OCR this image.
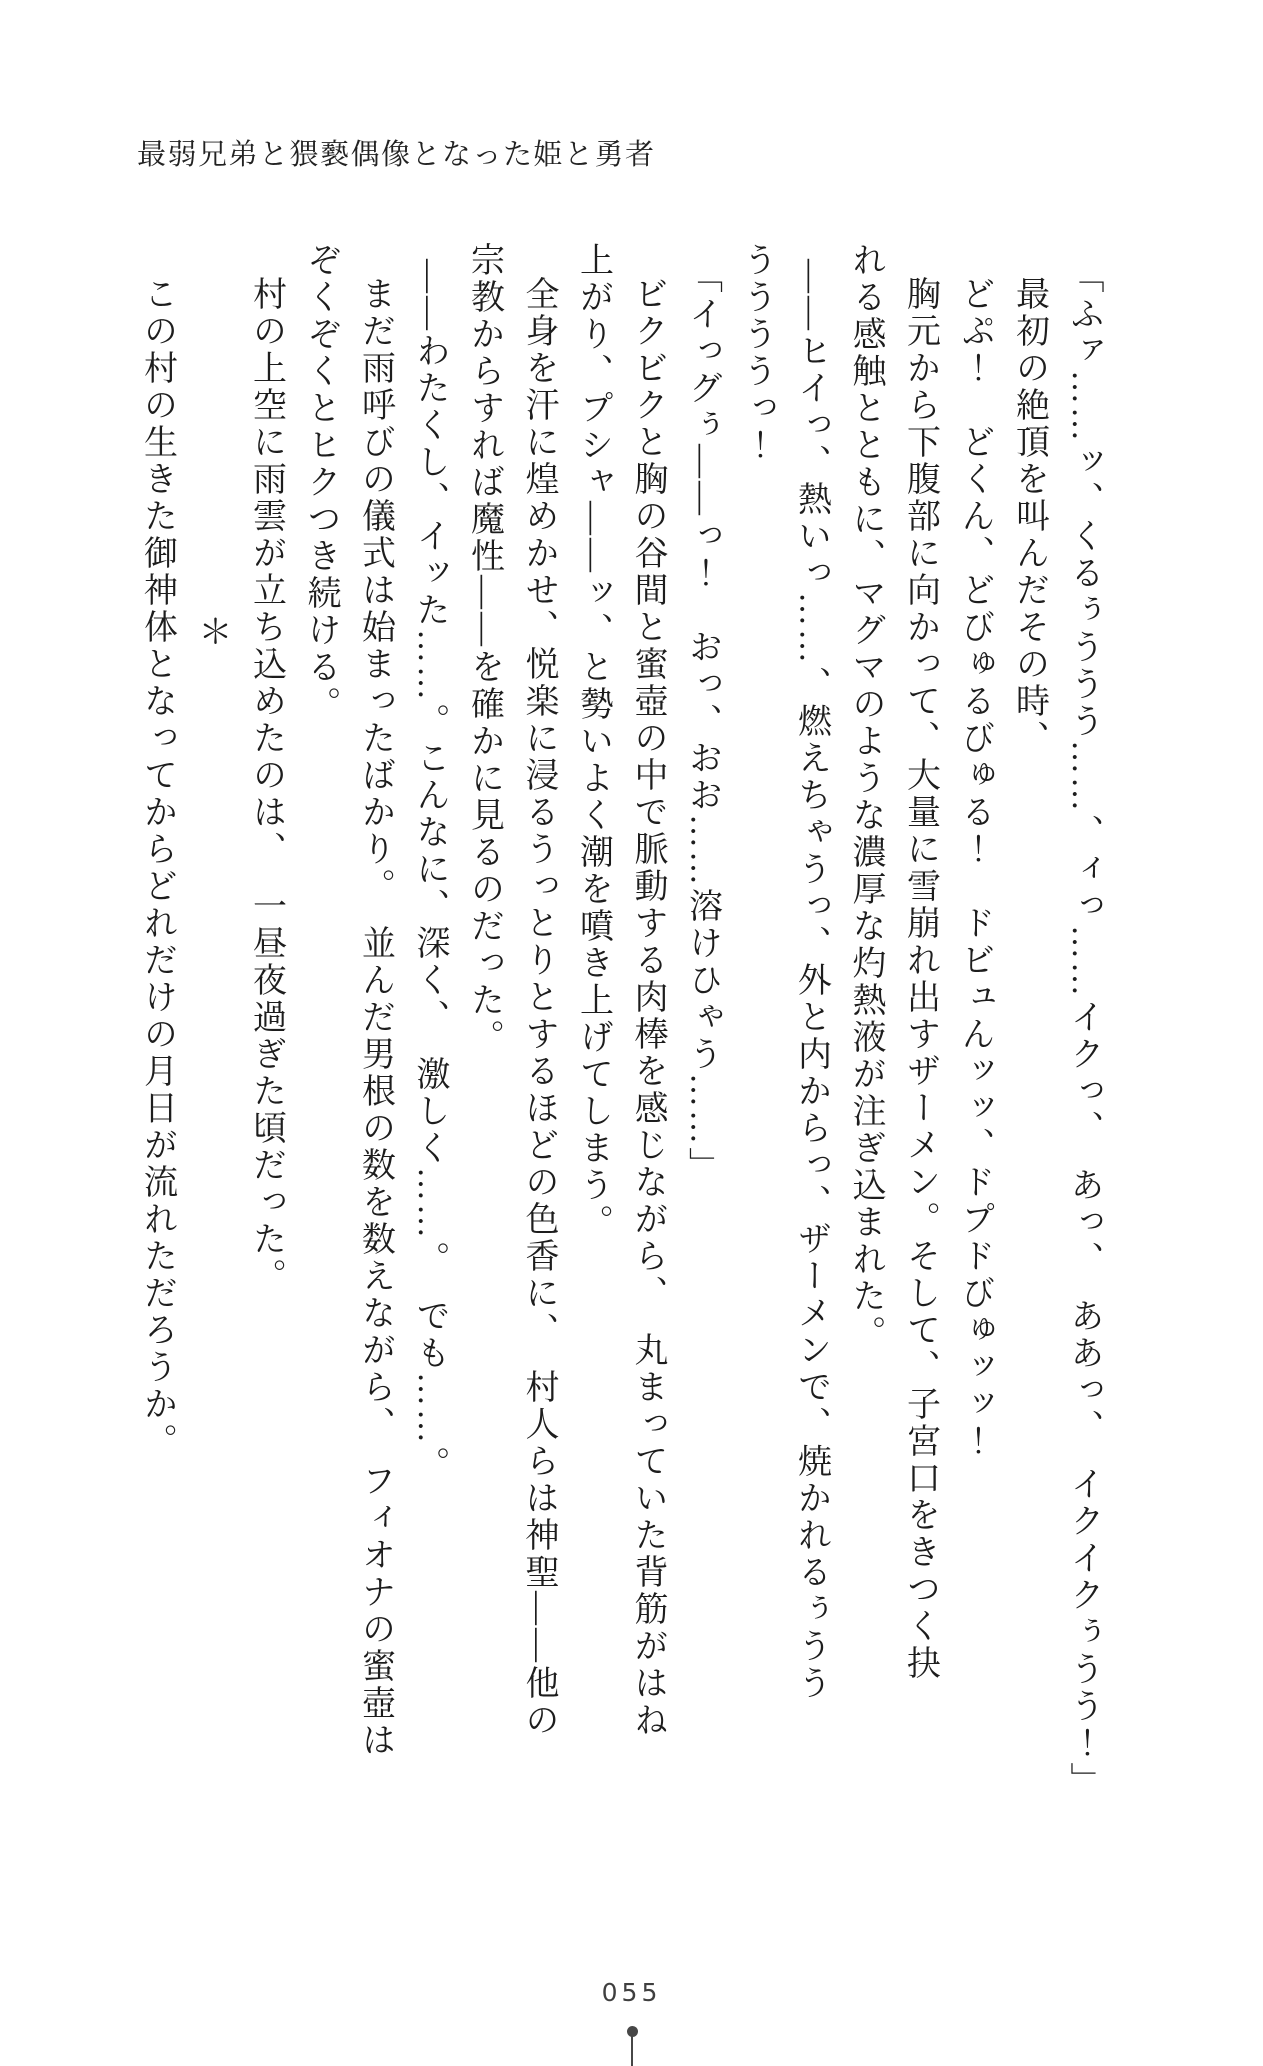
最弱兄弟と猥褻偶像となった姫と勇者

「ふァ……ッ、くるぅううう……、ィっ……イクっ、　あっ、　ああっ、　イクイクぅうう！」

最初の絶頂を叫んだその時、

どぷ！　どくん、どびゅるびゅる！　ドビュんッッ、ドプドびゅッッ！

胸元から下腹部に向かって、大量に雪崩れ出すザーメン。そして、子宮口をきつく抉

れる感触とともに、マグマのような濃厚な灼熱液が注ぎ込まれた。

——ヒイっ、熱いっ……、燃えちゃうっ、外と内からっ、ザーメンで、焼かれるぅうう

ううううっ！

「イっグぅ——っ！　おっ、おお……溶けひゃう……」

ビクビクと胸の谷間と蜜壺の中で脈動する肉棒を感じながら、　丸まっていた背筋がはね

上がり、プシャ——ッ、と勢いよく潮を噴き上げてしまう。

全身を汗に煌めかせ、悦楽に浸るうっとりとするほどの色香に、　村人らは神聖——他の

宗教からすれば魔性——を確かに見るのだった。

——わたくし、イッた……。こんなに、深く、　激しく……。　でも……。

まだ雨呼びの儀式は始まったばかり。　並んだ男根の数を数えながら、　フィオナの蜜壺は

ぞくぞくとヒクつき続ける。

村の上空に雨雲が立ち込めたのは、　一昼夜過ぎた頃だった。

＊

この村の生きた御神体となってからどれだけの月日が流れただろうか。

055
